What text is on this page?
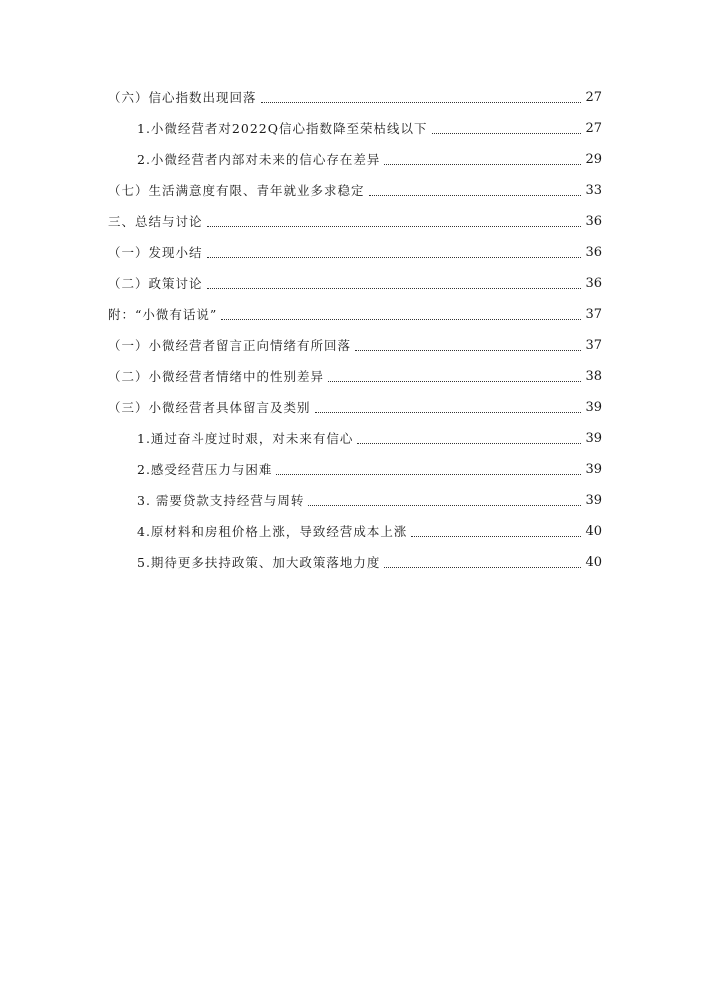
（六）信心指数出现回落	27
1.小微经营者对2022Q信心指数降至荣枯线以下	27
2.小微经营者内部对未来的信心存在差异	29
（七）生活满意度有限、青年就业多求稳定	33
三、总结与讨论	36
（一）发现小结	36
（二）政策讨论	36
附：“小微有话说”	37
（一）小微经营者留言正向情绪有所回落	37
（二）小微经营者情绪中的性别差异	38
（三）小微经营者具体留言及类别	39
1.通过奋斗度过时艰，对未来有信心	39
2.感受经营压力与困难	39
3. 需要贷款支持经营与周转	39
4.原材料和房租价格上涨，导致经营成本上涨	40
5.期待更多扶持政策、加大政策落地力度	40
